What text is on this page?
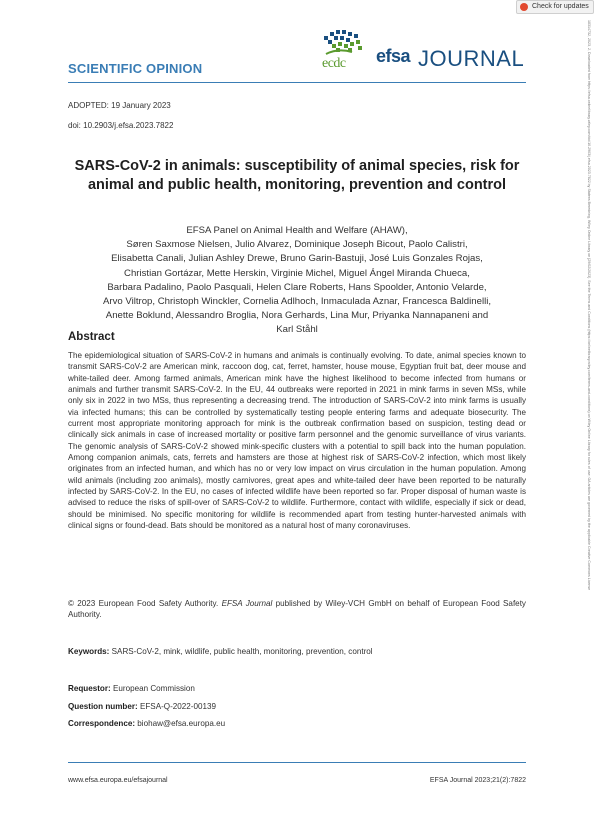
Check for updates
18314732, 2023, 2, Downloaded from https://efsa.onlinelibrary.wiley.com/doi/10.2903/j.efsa.2023.7822 by Statens Beredning, Wiley Online Library on [29/02/2023]. See the Terms and Conditions (https://onlinelibrary.wiley.com/terms-and-conditions) on Wiley Online Library for rules of use; OA articles are governed by the applicable Creative Commons License
ecdc efsa JOURNAL
SCIENTIFIC OPINION
ADOPTED: 19 January 2023
doi: 10.2903/j.efsa.2023.7822
SARS-CoV-2 in animals: susceptibility of animal species, risk for animal and public health, monitoring, prevention and control
EFSA Panel on Animal Health and Welfare (AHAW),
Søren Saxmose Nielsen, Julio Alvarez, Dominique Joseph Bicout, Paolo Calistri,
Elisabetta Canali, Julian Ashley Drewe, Bruno Garin-Bastuji, José Luis Gonzales Rojas,
Christian Gortázar, Mette Herskin, Virginie Michel, Miguel Ángel Miranda Chueca,
Barbara Padalino, Paolo Pasquali, Helen Clare Roberts, Hans Spoolder, Antonio Velarde,
Arvo Viltrop, Christoph Winckler, Cornelia Adlhoch, Inmaculada Aznar, Francesca Baldinelli,
Anette Boklund, Alessandro Broglia, Nora Gerhards, Lina Mur, Priyanka Nannapaneni and
Karl Ståhl
Abstract
The epidemiological situation of SARS-CoV-2 in humans and animals is continually evolving. To date, animal species known to transmit SARS-CoV-2 are American mink, raccoon dog, cat, ferret, hamster, house mouse, Egyptian fruit bat, deer mouse and white-tailed deer. Among farmed animals, American mink have the highest likelihood to become infected from humans or animals and further transmit SARS-CoV-2. In the EU, 44 outbreaks were reported in 2021 in mink farms in seven MSs, while only six in 2022 in two MSs, thus representing a decreasing trend. The introduction of SARS-CoV-2 into mink farms is usually via infected humans; this can be controlled by systematically testing people entering farms and adequate biosecurity. The current most appropriate monitoring approach for mink is the outbreak confirmation based on suspicion, testing dead or clinically sick animals in case of increased mortality or positive farm personnel and the genomic surveillance of virus variants. The genomic analysis of SARS-CoV-2 showed mink-specific clusters with a potential to spill back into the human population. Among companion animals, cats, ferrets and hamsters are those at highest risk of SARS-CoV-2 infection, which most likely originates from an infected human, and which has no or very low impact on virus circulation in the human population. Among wild animals (including zoo animals), mostly carnivores, great apes and white-tailed deer have been reported to be naturally infected by SARS-CoV-2. In the EU, no cases of infected wildlife have been reported so far. Proper disposal of human waste is advised to reduce the risks of spill-over of SARS-CoV-2 to wildlife. Furthermore, contact with wildlife, especially if sick or dead, should be minimised. No specific monitoring for wildlife is recommended apart from testing hunter-harvested animals with clinical signs or found-dead. Bats should be monitored as a natural host of many coronaviruses.
© 2023 European Food Safety Authority. EFSA Journal published by Wiley-VCH GmbH on behalf of European Food Safety Authority.
Keywords: SARS-CoV-2, mink, wildlife, public health, monitoring, prevention, control
Requestor: European Commission
Question number: EFSA-Q-2022-00139
Correspondence: biohaw@efsa.europa.eu
www.efsa.europa.eu/efsajournal	EFSA Journal 2023;21(2):7822
